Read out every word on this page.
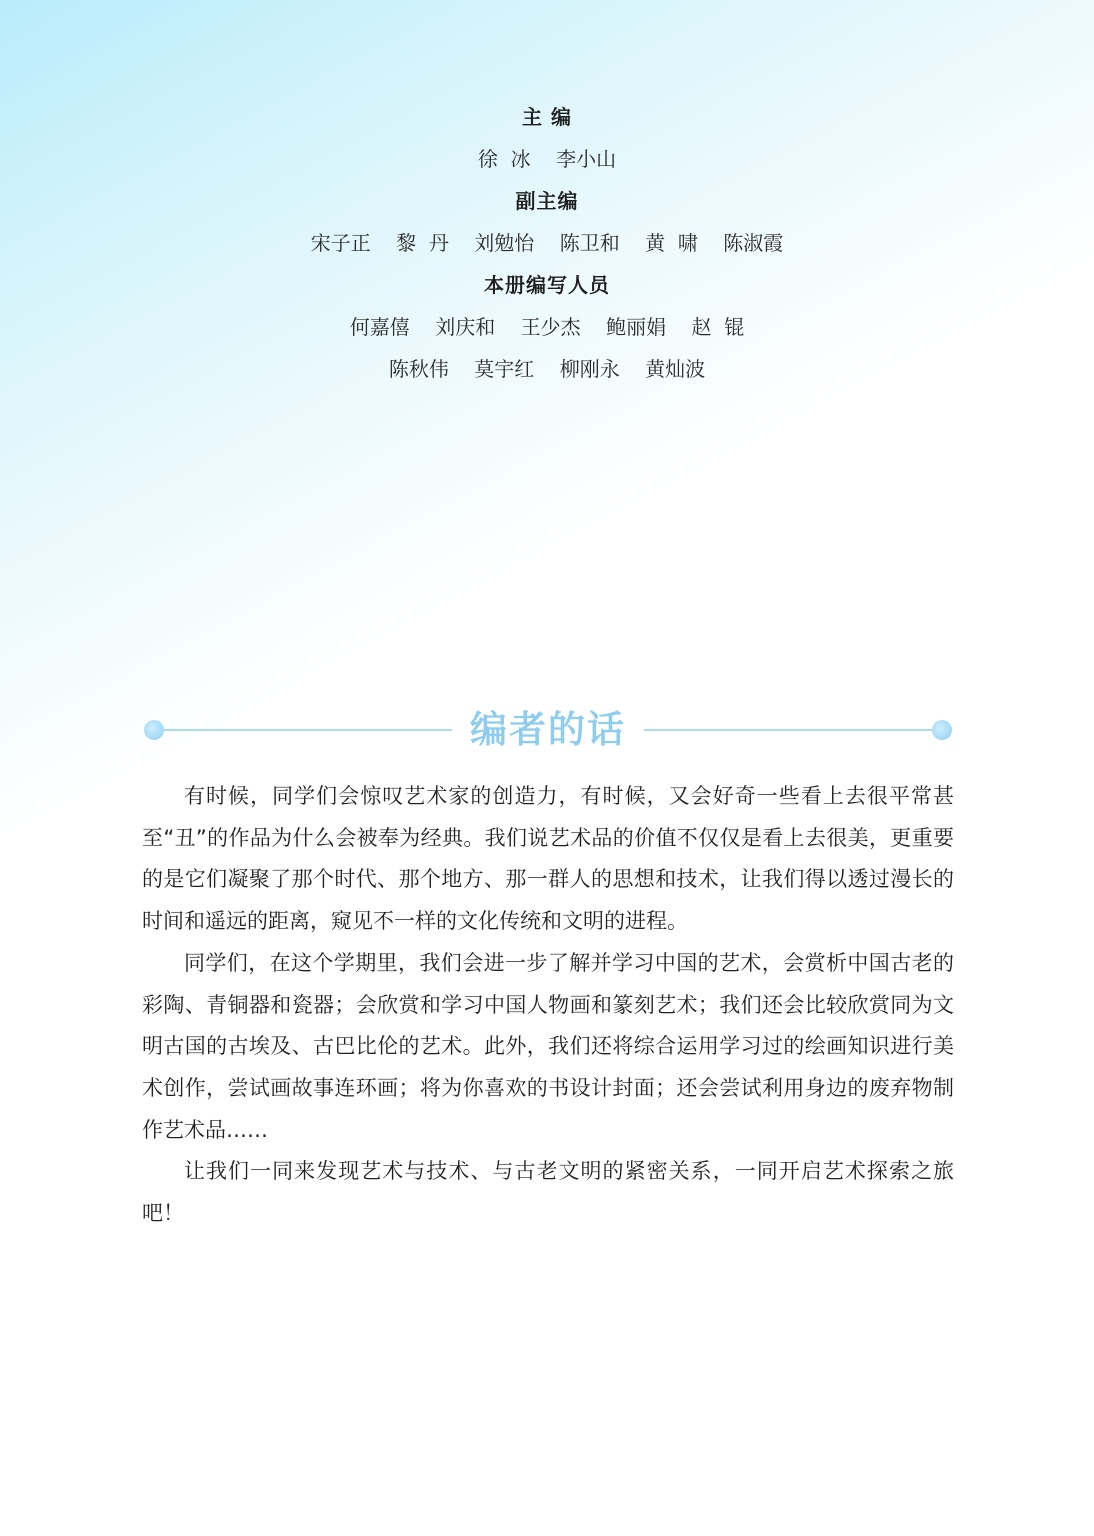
主 编
徐  冰    李小山
副主编
宋子正    黎  丹    刘勉怡    陈卫和    黄  啸    陈淑霞
本册编写人员
何嘉僖    刘庆和    王少杰    鲍丽娟    赵  锟
陈秋伟    莫宇红    柳刚永    黄灿波
编者的话

有时候，同学们会惊叹艺术家的创造力，有时候，又会好奇一些看上去很平常甚至“丑”的作品为什么会被奉为经典。我们说艺术品的价值不仅仅是看上去很美，更重要的是它们凝聚了那个时代、那个地方、那一群人的思想和技术，让我们得以透过漫长的时间和遥远的距离，窥见不一样的文化传统和文明的进程。

同学们，在这个学期里，我们会进一步了解并学习中国的艺术，会赏析中国古老的彩陶、青铜器和瓷器；会欣赏和学习中国人物画和篆刻艺术；我们还会比较欣赏同为文明古国的古埃及、古巴比伦的艺术。此外，我们还将综合运用学习过的绘画知识进行美术创作，尝试画故事连环画；将为你喜欢的书设计封面；还会尝试利用身边的废弃物制作艺术品……

让我们一同来发现艺术与技术、与古老文明的紧密关系，一同开启艺术探索之旅吧！
